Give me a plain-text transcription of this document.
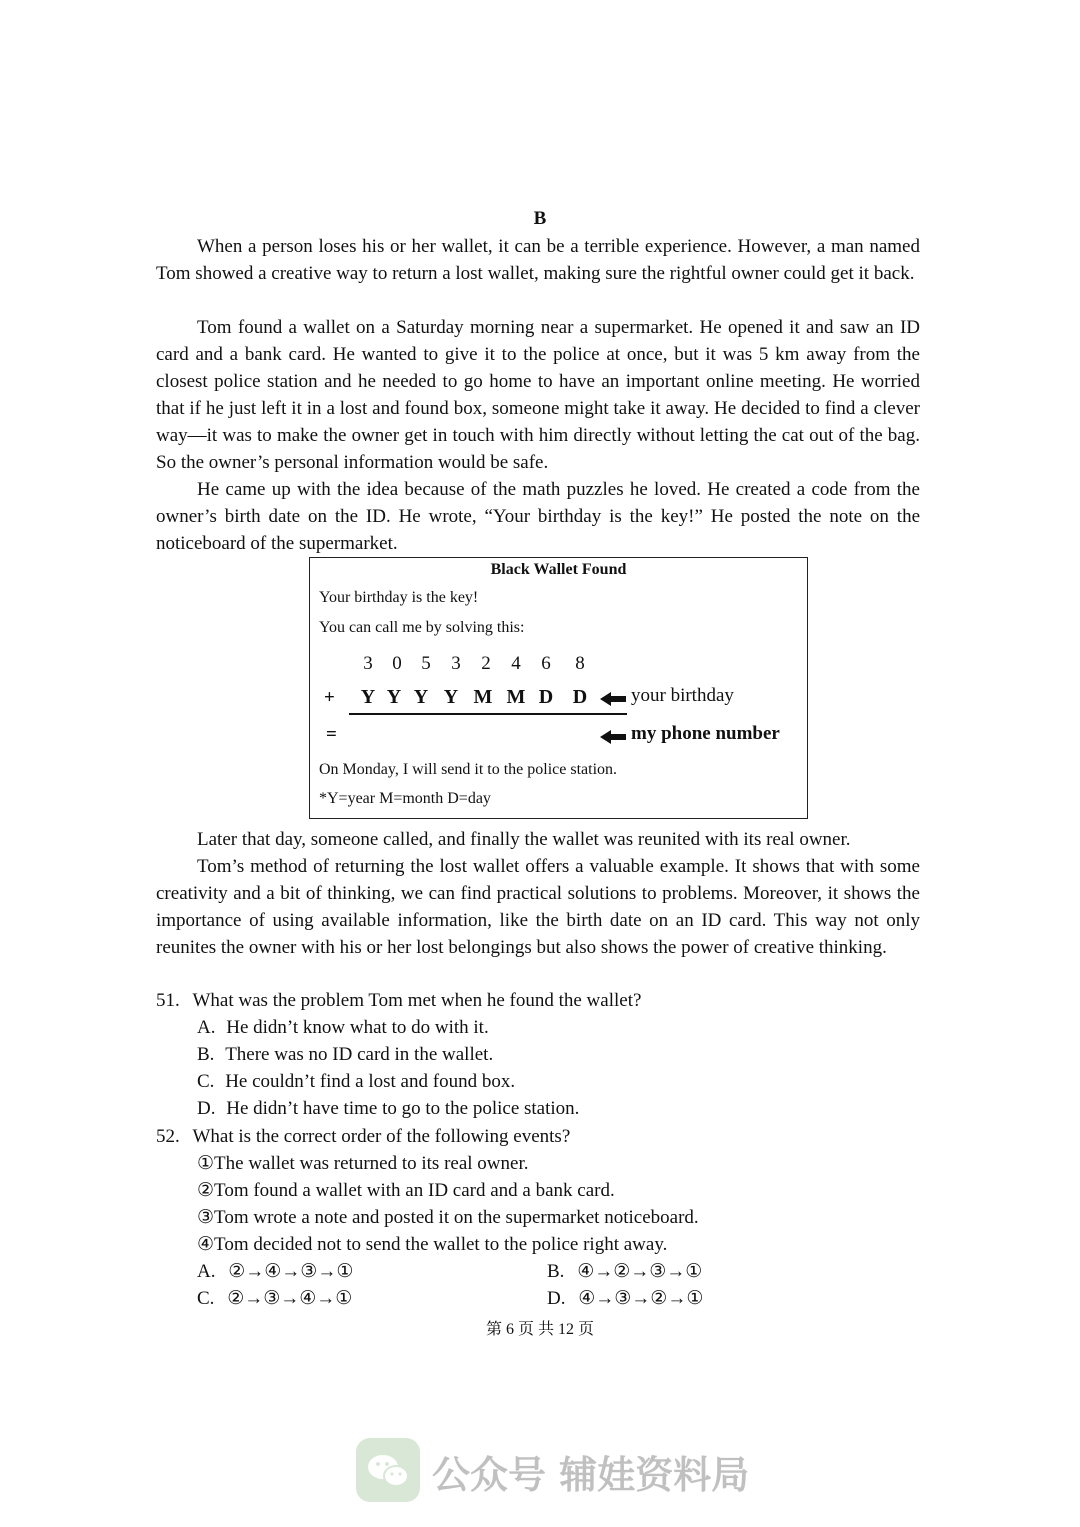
B

When a person loses his or her wallet, it can be a terrible experience. However, a man named Tom showed a creative way to return a lost wallet, making sure the rightful owner could get it back.

Tom found a wallet on a Saturday morning near a supermarket. He opened it and saw an ID card and a bank card. He wanted to give it to the police at once, but it was 5 km away from the closest police station and he needed to go home to have an important online meeting. He worried that if he just left it in a lost and found box, someone might take it away. He decided to find a clever way—it was to make the owner get in touch with him directly without letting the cat out of the bag. So the owner’s personal information would be safe.

He came up with the idea because of the math puzzles he loved. He created a code from the owner’s birth date on the ID. He wrote, “Your birthday is the key!” He posted the note on the noticeboard of the supermarket.

Black Wallet Found
Your birthday is the key!
You can call me by solving this:
3 0 5 3 2 4 6 8
+ Y Y Y Y M M D D your birthday
=	my phone number
On Monday, I will send it to the police station.
*Y=year M=month D=day

Later that day, someone called, and finally the wallet was reunited with its real owner.

Tom’s method of returning the lost wallet offers a valuable example. It shows that with some creativity and a bit of thinking, we can find practical solutions to problems. Moreover, it shows the importance of using available information, like the birth date on an ID card. This way not only reunites the owner with his or her lost belongings but also shows the power of creative thinking.

51. What was the problem Tom met when he found the wallet?
A. He didn’t know what to do with it.
B. There was no ID card in the wallet.
C. He couldn’t find a lost and found box.
D. He didn’t have time to go to the police station.
52. What is the correct order of the following events?
①The wallet was returned to its real owner.
②Tom found a wallet with an ID card and a bank card.
③Tom wrote a note and posted it on the supermarket noticeboard.
④Tom decided not to send the wallet to the police right away.
A. ②→④→③→①	B. ④→②→③→①
C. ②→③→④→①	D. ④→③→②→①
第 6 页 共 12 页
公众号 辅娃资料局
